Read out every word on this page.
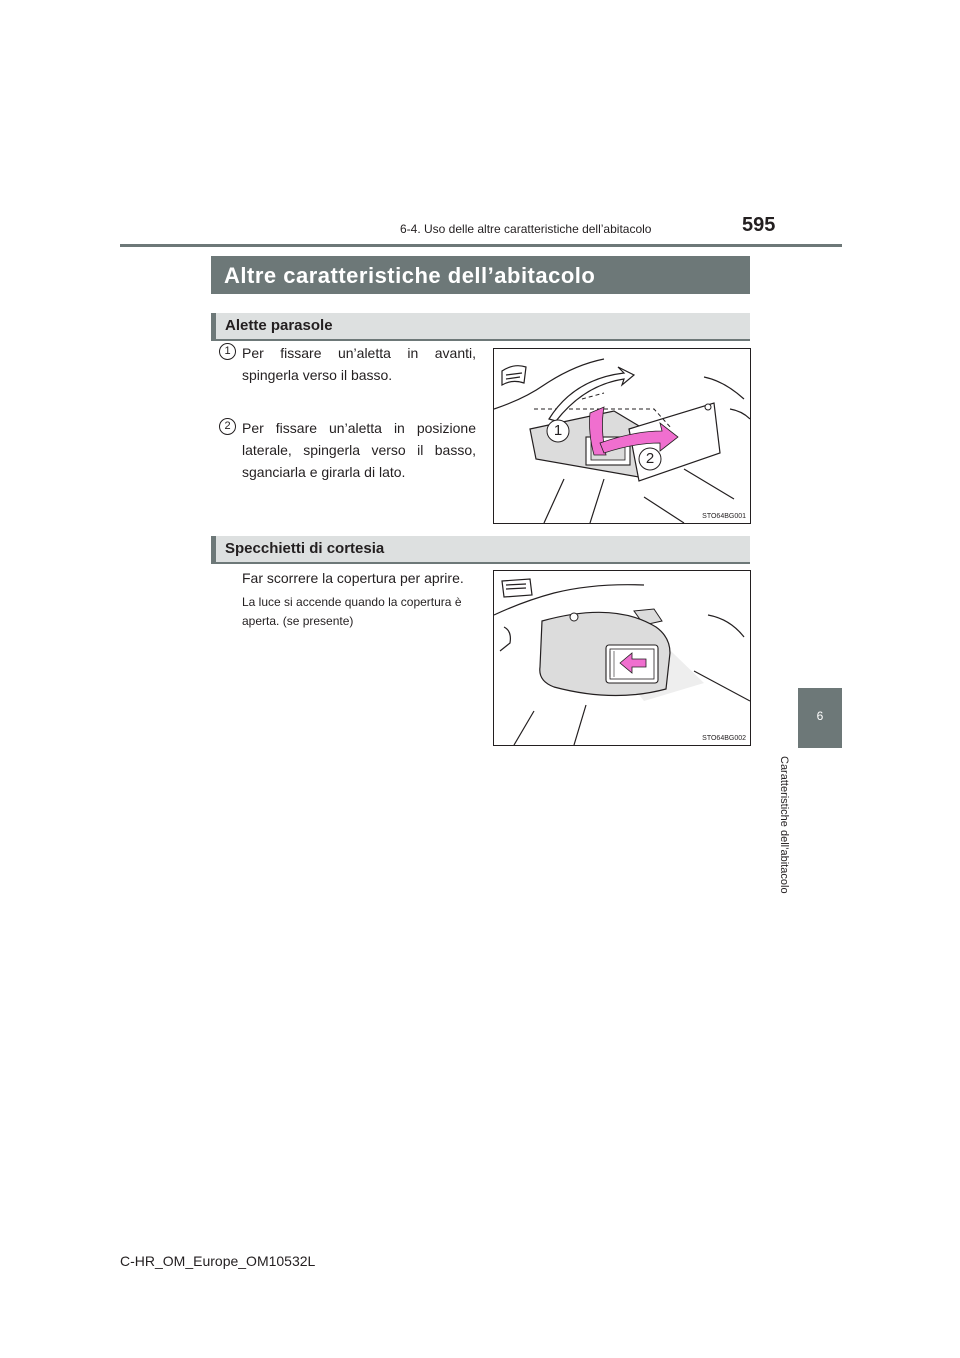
6-4. Uso delle altre caratteristiche dell’abitacolo	595
6
Caratteristiche dell’abitacolo
Altre caratteristiche dell’abitacolo
Alette parasole
1 Per fissare un’aletta in avanti, spingerla verso il basso.
2 Per fissare un’aletta in posizione laterale, spingerla verso il basso, sganciarla e girarla di lato.
1
2
STO64BG001
Specchietti di cortesia
Far scorrere la copertura per aprire.
La luce si accende quando la copertura è aperta. (se presente)
STO64BG002
C-HR_OM_Europe_OM10532L
